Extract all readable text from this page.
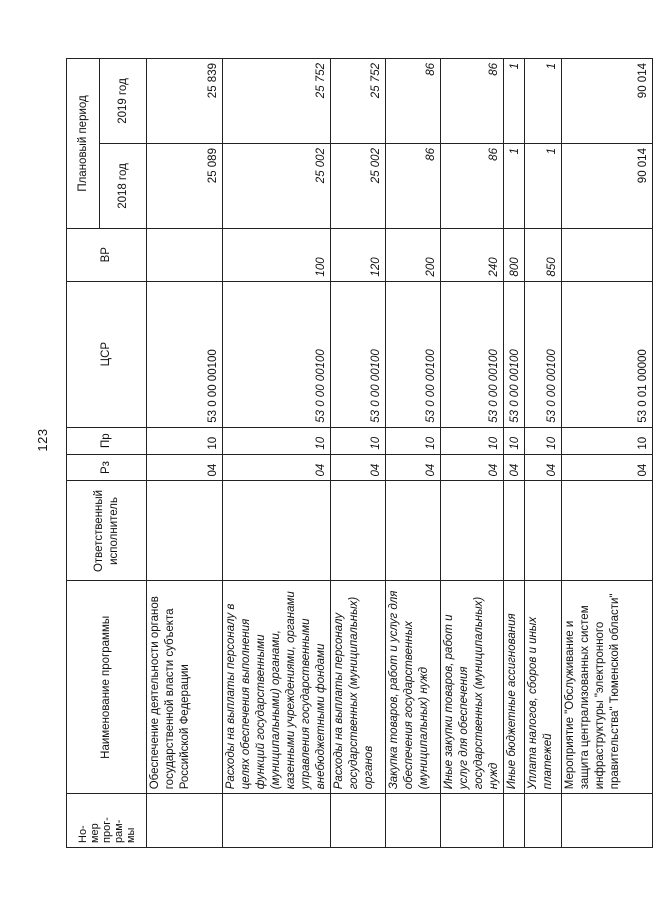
123
Но-
мер
прог-
рам-
мы	Наименование программы	Ответственный исполнитель	Рз	Пр	ЦСР	ВР	Плановый период	
							2018 год	2019 год
	Обеспечение деятельности органов государственной власти субъекта Российской Федерации		04	10	53 0 00 00100		25 089	25 839
	Расходы на выплаты персоналу в целях обеспечения выполнения функций государственными (муниципальными) органами, казенными учреждениями, органами управления государственными внебюджетными фондами		04	10	53 0 00 00100	100	25 002	25 752
	Расходы на выплаты персоналу государственных (муниципальных) органов		04	10	53 0 00 00100	120	25 002	25 752
	Закупка товаров, работ и услуг для обеспечения государственных (муниципальных) нужд		04	10	53 0 00 00100	200	86	86
	Иные закупки товаров, работ и услуг для обеспечения государственных (муниципальных) нужд		04	10	53 0 00 00100	240	86	86
	Иные бюджетные ассигнования		04	10	53 0 00 00100	800	1	1
	Уплата налогов, сборов и иных платежей		04	10	53 0 00 00100	850	1	1
	Мероприятие "Обслуживание и защита централизованных систем инфраструктуры "электронного правительства" Тюменской области"		04	10	53 0 01 00000		90 014	90 014
